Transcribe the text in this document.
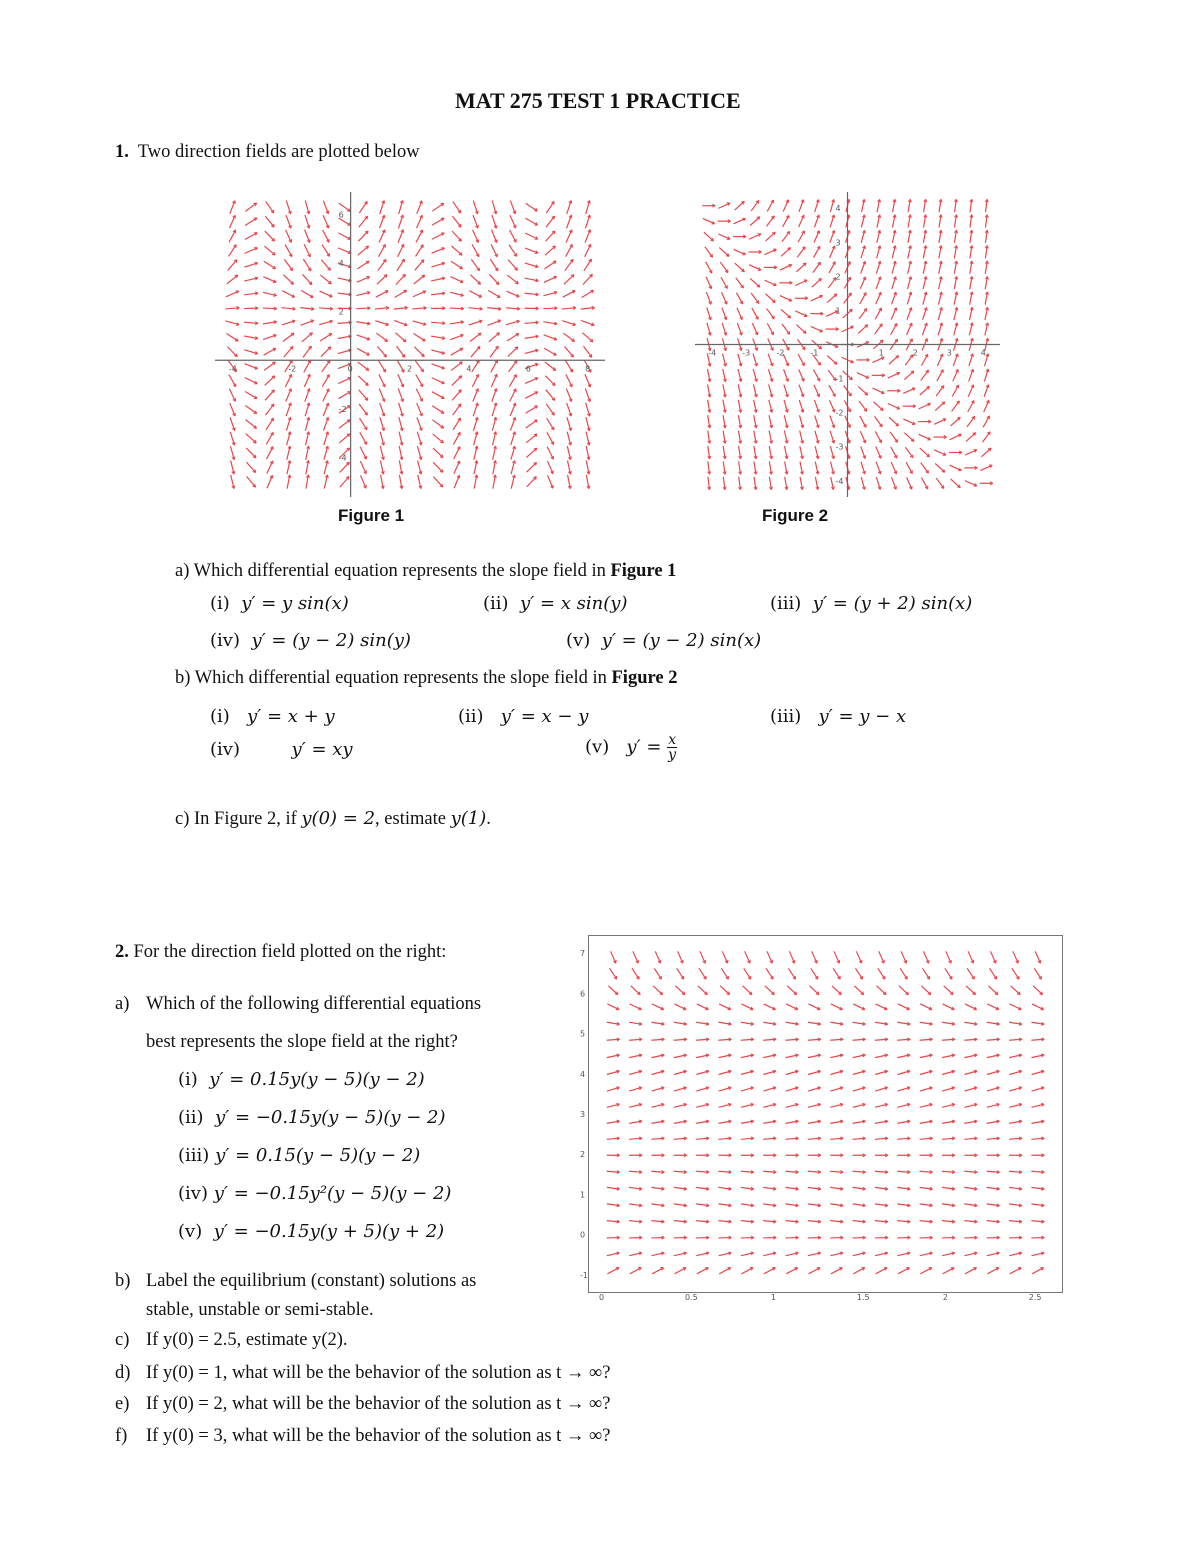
MAT 275 TEST 1 PRACTICE
1. Two direction fields are plotted below
-4	-2	0	2	4	6	8
6
4
2
-2
-4
-4	-3	-2	-1	1	2	3	4
4
3
2
1
-1
-2
-3
-4
Figure 1	Figure 2
a) Which differential equation represents the slope field in Figure 1
(i) y′ = y sin(x)	(ii) y′ = x sin(y)	(iii) y′ = (y + 2) sin(x)
(iv) y′ = (y − 2) sin(y)	(v) y′ = (y − 2) sin(x)
b) Which differential equation represents the slope field in Figure 2
(i) y′ = x + y	(ii) y′ = x − y	(iii) y′ = y − x
(iv)	y′ = xy	(v) $y' = \frac{x}{y}$
c) In Figure 2, if y(0) = 2, estimate y(1).
2. For the direction field plotted on the right:
0	0.5	1	1.5	2	2.5
7
6
5
4
3
2
1
0
-1
a) Which of the following differential equations
best represents the slope field at the right?
(i) y′ = 0.15y(y − 5)(y − 2)
(ii) y′ = −0.15y(y − 5)(y − 2)
(iii) y′ = 0.15(y − 5)(y − 2)
(iv) y′ = −0.15y²(y − 5)(y − 2)
(v) y′ = −0.15y(y + 5)(y + 2)
b) Label the equilibrium (constant) solutions as
stable, unstable or semi-stable.
c) If y(0) = 2.5, estimate y(2).
d) If y(0) = 1, what will be the behavior of the solution as t → ∞?
e) If y(0) = 2, what will be the behavior of the solution as t → ∞?
f) If y(0) = 3, what will be the behavior of the solution as t → ∞?
